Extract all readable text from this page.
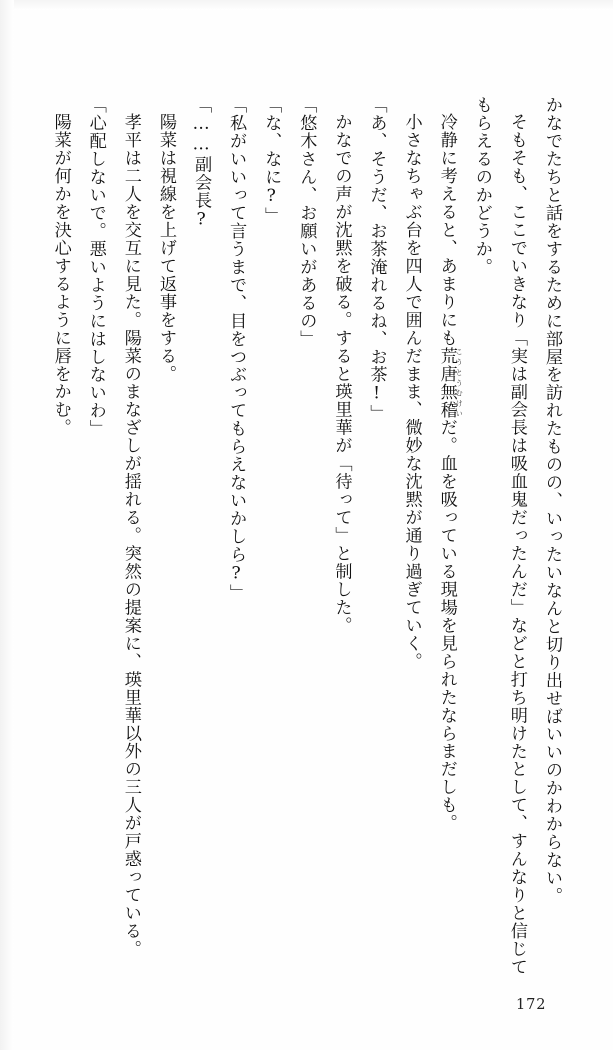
かなでたちと話をするために部屋を訪れたものの、いったいなんと切り出せばいいのかわからない。

そもそも、ここでいきなり「実は副会長は吸血鬼だったんだ」などと打ち明けたとして、すんなりと信じてもらえるのかどうか。

冷静に考えると、あまりにも荒唐無稽こうとうむけいだ。血を吸っている現場を見られたならまだしも。

小さなちゃぶ台を四人で囲んだまま、微妙な沈黙が通り過ぎていく。

「あ、そうだ、お茶淹れるね、お茶!」

かなでの声が沈黙を破る。すると瑛里華が「待って」と制した。

「悠木さん、お願いがあるの」

「な、なに?」

「私がいいって言うまで、目をつぶってもらえないかしら?」

「……副会長?

陽菜は視線を上げて返事をする。

孝平は二人を交互に見た。陽菜のまなざしが揺れる。突然の提案に、瑛里華以外の三人が戸惑っている。

「心配しないで。悪いようにはしないわ」

陽菜が何かを決心するように唇をかむ。

172
